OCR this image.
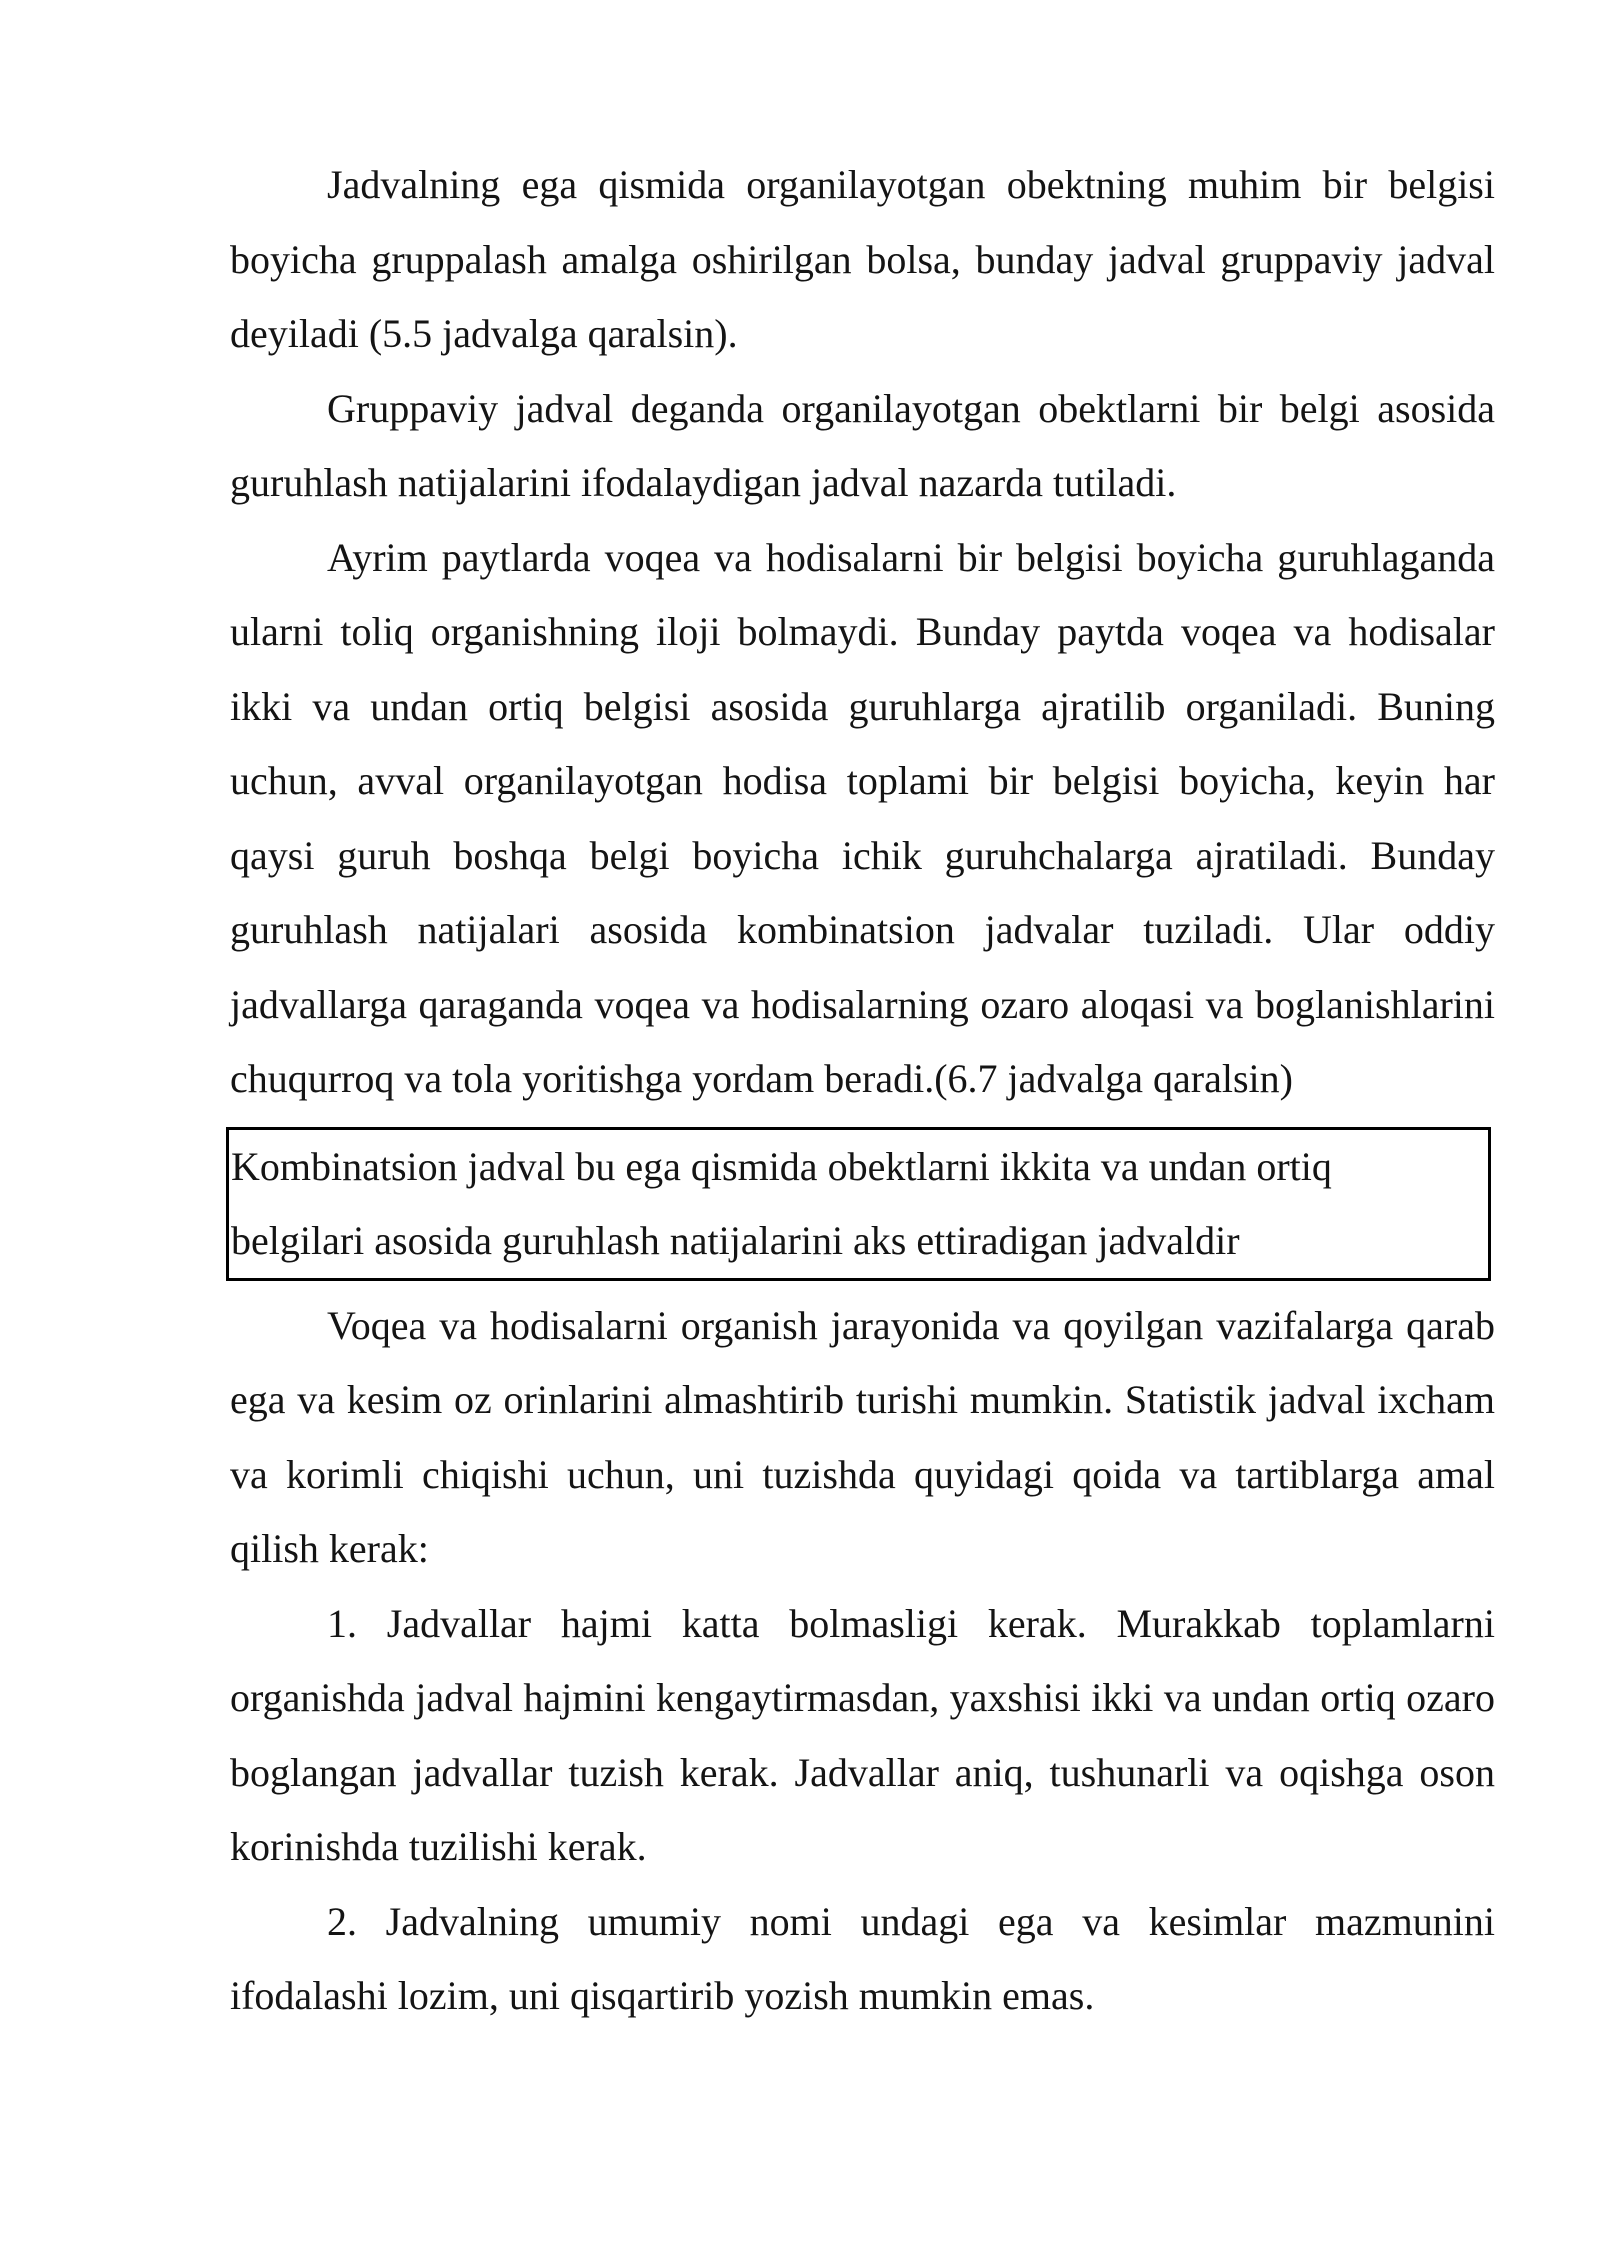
Jadvalning ega qismida organilayotgan obektning muhim bir belgisi boyicha gruppalash amalga oshirilgan bolsa, bunday jadval gruppaviy jadval deyiladi (5.5 jadvalga qaralsin).

Gruppaviy jadval deganda organilayotgan obektlarni bir belgi asosida guruhlash natijalarini ifodalaydigan jadval nazarda tutiladi.

Ayrim paytlarda voqea va hodisalarni bir belgisi boyicha guruhlaganda ularni toliq organishning iloji bolmaydi. Bunday paytda voqea va hodisalar ikki va undan ortiq belgisi asosida guruhlarga ajratilib organiladi. Buning uchun, avval organilayotgan hodisa toplami bir belgisi boyicha, keyin har qaysi guruh boshqa belgi boyicha ichik guruhchalarga ajratiladi. Bunday guruhlash natijalari asosida kombinatsion jadvalar tuziladi. Ular oddiy jadvallarga qaraganda voqea va hodisalarning ozaro aloqasi va boglanishlarini chuqurroq va tola yoritishga yordam beradi.(6.7 jadvalga qaralsin)

Kombinatsion jadval bu ega qismida obektlarni ikkita va undan ortiq
belgilari asosida guruhlash natijalarini aks ettiradigan jadvaldir

Voqea va hodisalarni organish jarayonida va qoyilgan vazifalarga qarab ega va kesim oz orinlarini almashtirib turishi mumkin. Statistik jadval ixcham va korimli chiqishi uchun, uni tuzishda quyidagi qoida va tartiblarga amal qilish kerak:

1. Jadvallar hajmi katta bolmasligi kerak. Murakkab toplamlarni organishda jadval hajmini kengaytirmasdan, yaxshisi ikki va undan ortiq ozaro boglangan jadvallar tuzish kerak. Jadvallar aniq, tushunarli va oqishga oson korinishda tuzilishi kerak.

2. Jadvalning umumiy nomi undagi ega va kesimlar mazmunini ifodalashi lozim, uni qisqartirib yozish mumkin emas.
